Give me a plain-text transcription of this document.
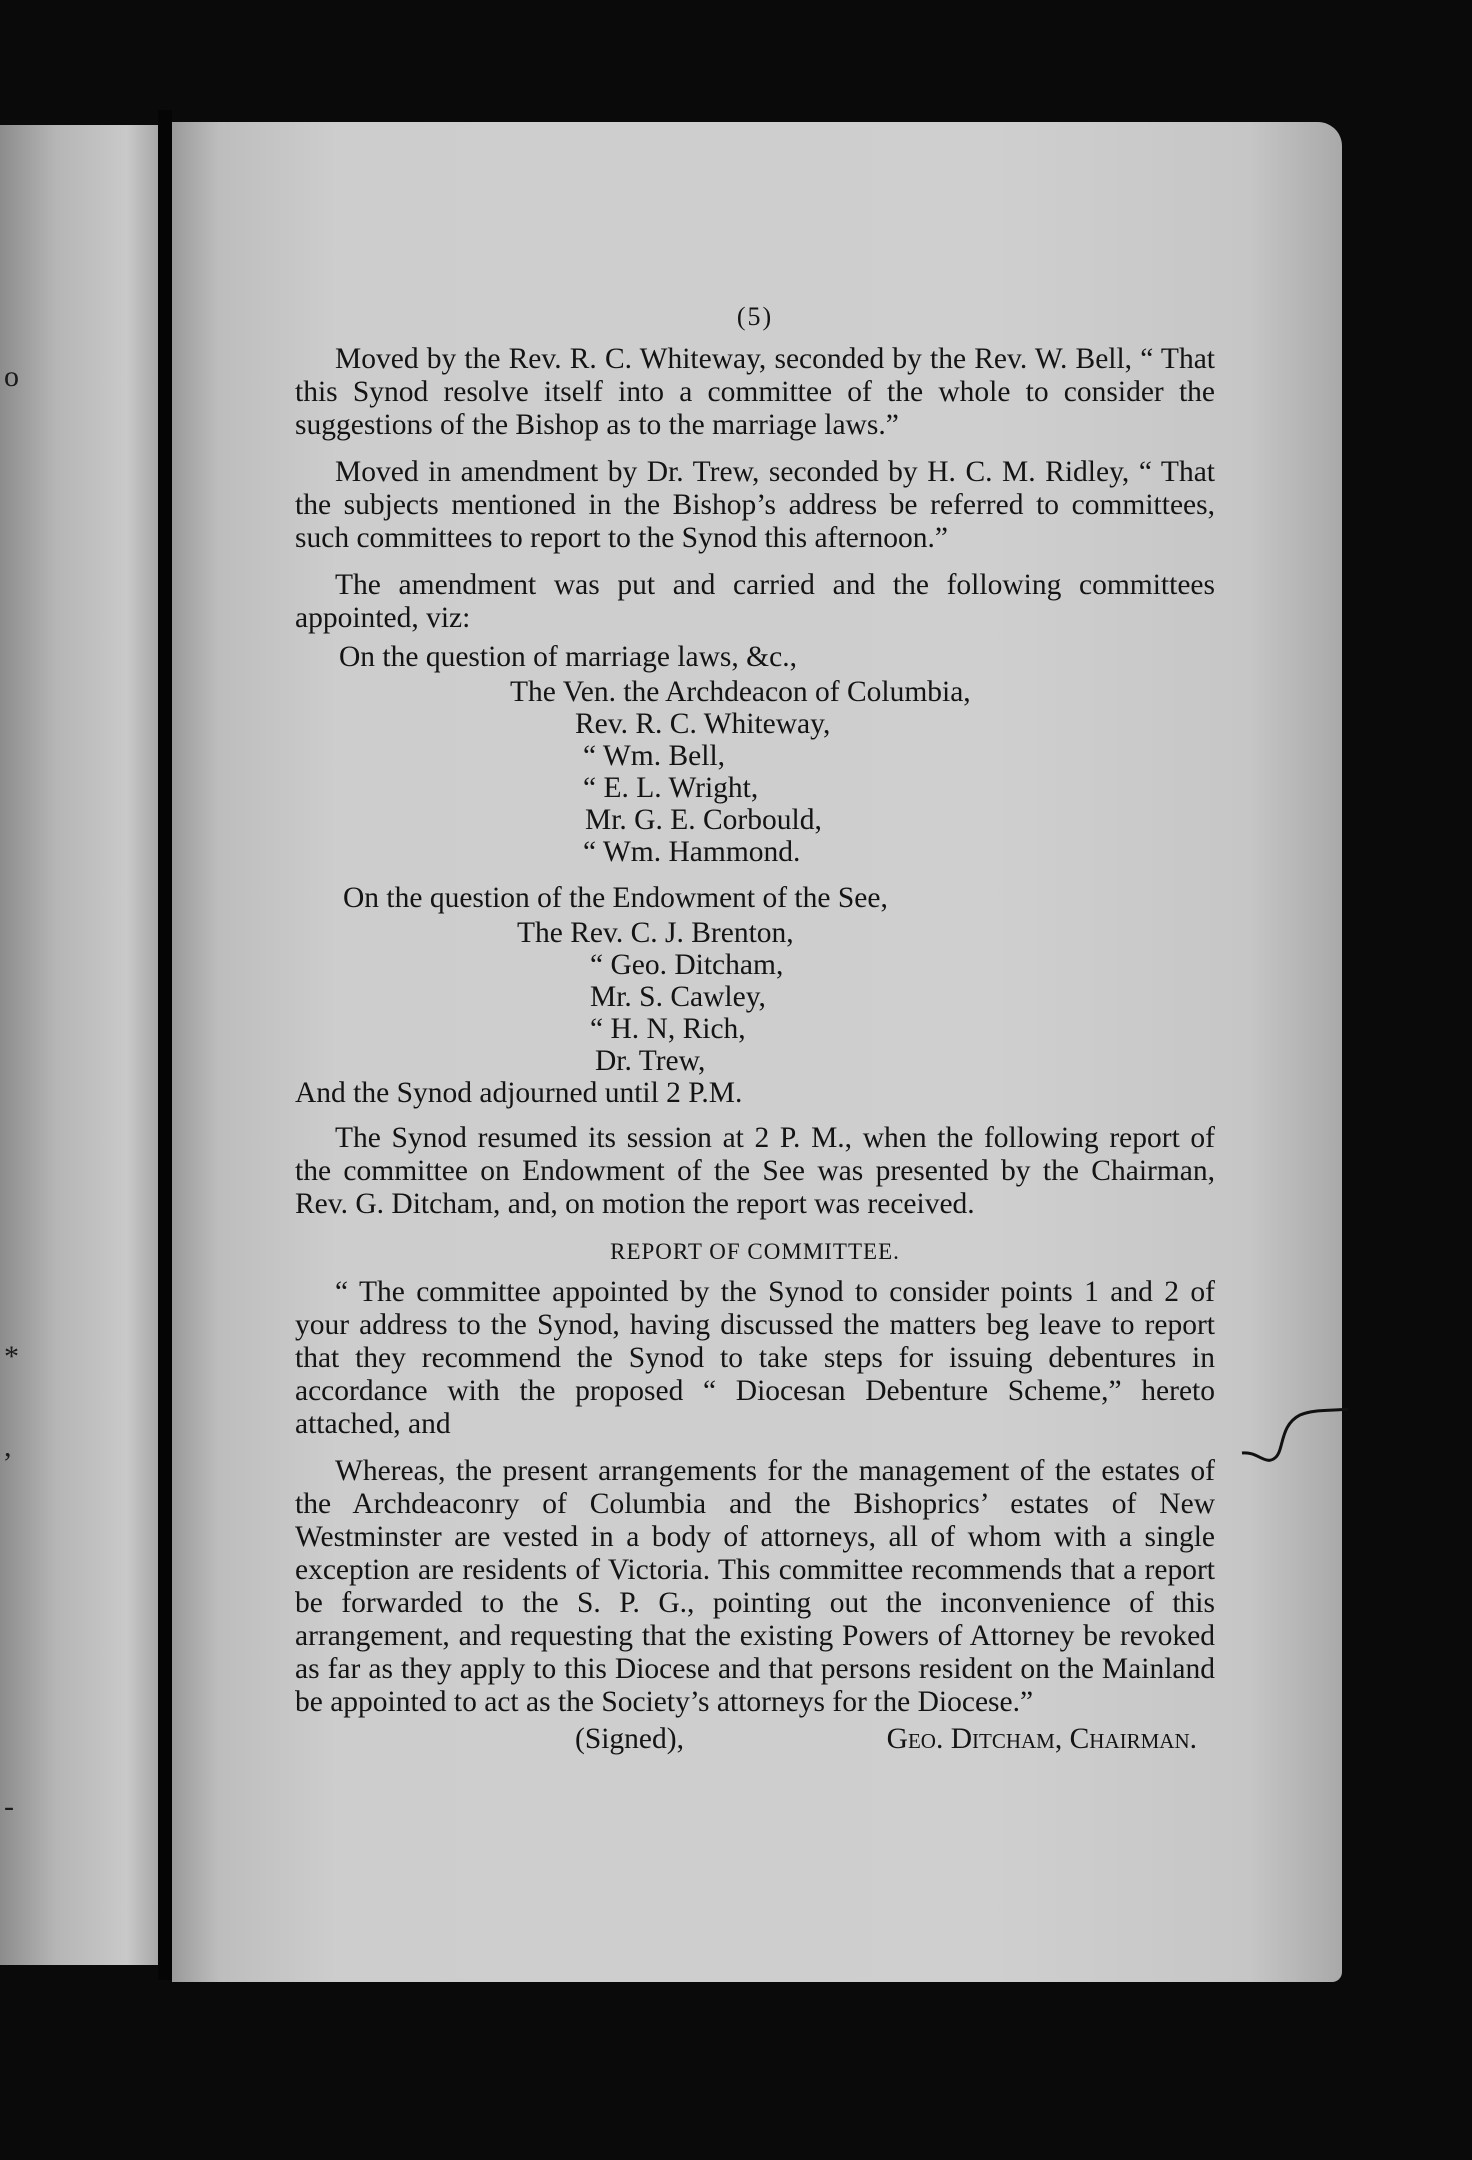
o
*
,
-
(5)

Moved by the Rev. R. C. Whiteway, seconded by the Rev. W. Bell, “ That this Synod resolve itself into a committee of the whole to consider the suggestions of the Bishop as to the marriage laws.”

Moved in amendment by Dr. Trew, seconded by H. C. M. Ridley, “ That the subjects mentioned in the Bishop’s address be referred to committees, such committees to report to the Synod this afternoon.”

The amendment was put and carried and the following committees appointed, viz:

On the question of marriage laws, &c.,

The Ven. the Archdeacon of Columbia,
Rev. R. C. Whiteway,
“ Wm. Bell,
“ E. L. Wright,
Mr. G. E. Corbould,
“ Wm. Hammond.

On the question of the Endowment of the See,

The Rev. C. J. Brenton,
“ Geo. Ditcham,
Mr. S. Cawley,
“ H. N, Rich,
Dr. Trew,

And the Synod adjourned until 2 P.M.

The Synod resumed its session at 2 P. M., when the following report of the committee on Endowment of the See was presented by the Chairman, Rev. G. Ditcham, and, on motion the report was received.

REPORT OF COMMITTEE.

“ The committee appointed by the Synod to consider points 1 and 2 of your address to the Synod, having discussed the matters beg leave to report that they recommend the Synod to take steps for issuing debentures in accordance with the proposed “ Diocesan Debenture Scheme,” hereto attached, and

Whereas, the present arrangements for the management of the estates of the Archdeaconry of Columbia and the Bishoprics’ estates of New Westminster are vested in a body of attorneys, all of whom with a single exception are residents of Victoria. This committee recommends that a report be forwarded to the S. P. G., pointing out the inconvenience of this arrangement, and requesting that the existing Powers of Attorney be revoked as far as they apply to this Diocese and that persons resident on the Mainland be appointed to act as the Society’s attorneys for the Diocese.”

(Signed),	Geo. Ditcham, Chairman.
